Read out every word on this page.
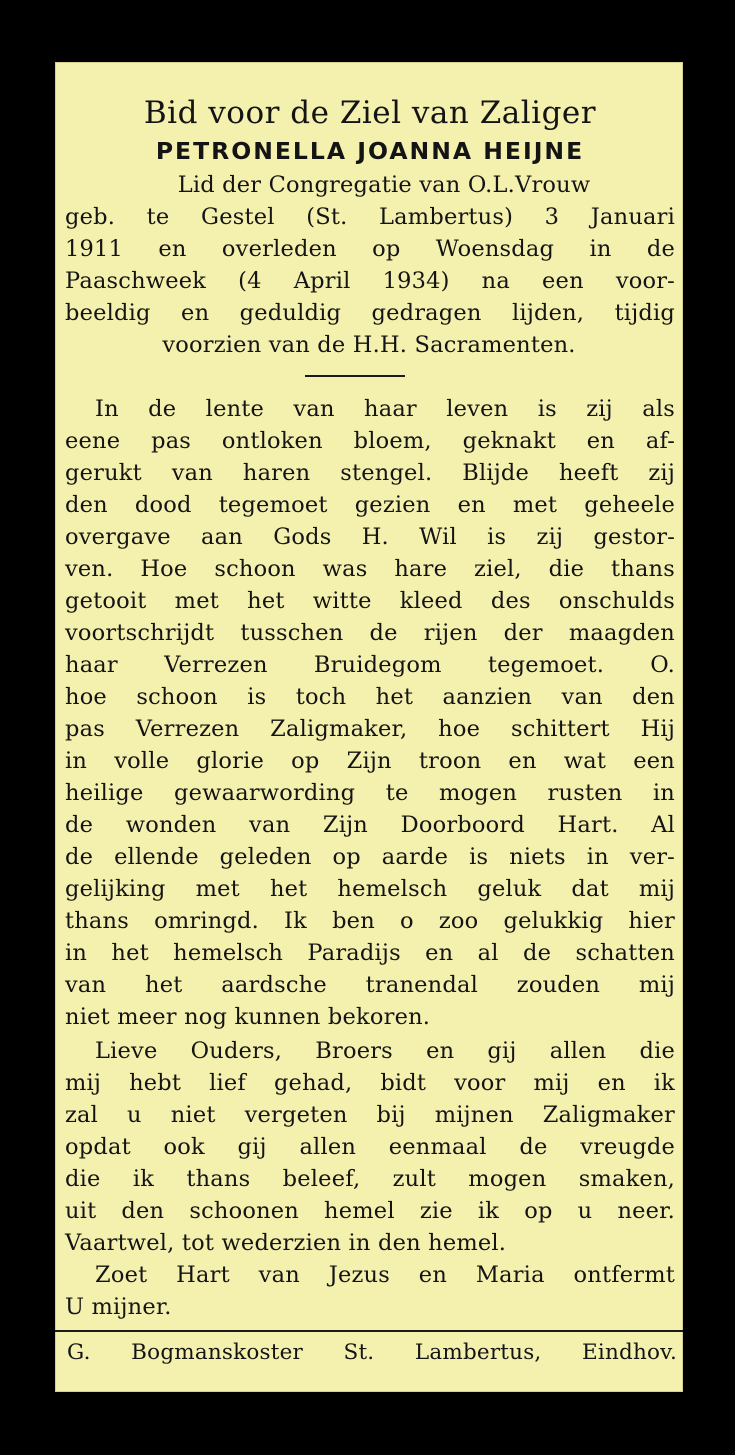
Bid voor de Ziel van Zaliger

PETRONELLA JOANNA HEIJNE

Lid der Congregatie van O.L.Vrouw

geb. te Gestel (St. Lambertus) 3 Januari

1911 en overleden op Woensdag in de

Paaschweek (4 April 1934) na een voor-

beeldig en geduldig gedragen lijden, tijdig

voorzien van de H.H. Sacramenten.

In de lente van haar leven is zij als

eene pas ontloken bloem, geknakt en af-

gerukt van haren stengel. Blijde heeft zij

den dood tegemoet gezien en met geheele

overgave aan Gods H. Wil is zij gestor-

ven. Hoe schoon was hare ziel, die thans

getooit met het witte kleed des onschulds

voortschrijdt tusschen de rijen der maagden

haar Verrezen Bruidegom tegemoet. O.

hoe schoon is toch het aanzien van den

pas Verrezen Zaligmaker, hoe schittert Hij

in volle glorie op Zijn troon en wat een

heilige gewaarwording te mogen rusten in

de wonden van Zijn Doorboord Hart. Al

de ellende geleden op aarde is niets in ver-

gelijking met het hemelsch geluk dat mij

thans omringd. Ik ben o zoo gelukkig hier

in het hemelsch Paradijs en al de schatten

van het aardsche tranendal zouden mij

niet meer nog kunnen bekoren.

Lieve Ouders, Broers en gij allen die

mij hebt lief gehad, bidt voor mij en ik

zal u niet vergeten bij mijnen Zaligmaker

opdat ook gij allen eenmaal de vreugde

die ik thans beleef, zult mogen smaken,

uit den schoonen hemel zie ik op u neer.

Vaartwel, tot wederzien in den hemel.

Zoet Hart van Jezus en Maria ontfermt

U mijner.

G. Bogmanskoster St. Lambertus, Eindhov.
